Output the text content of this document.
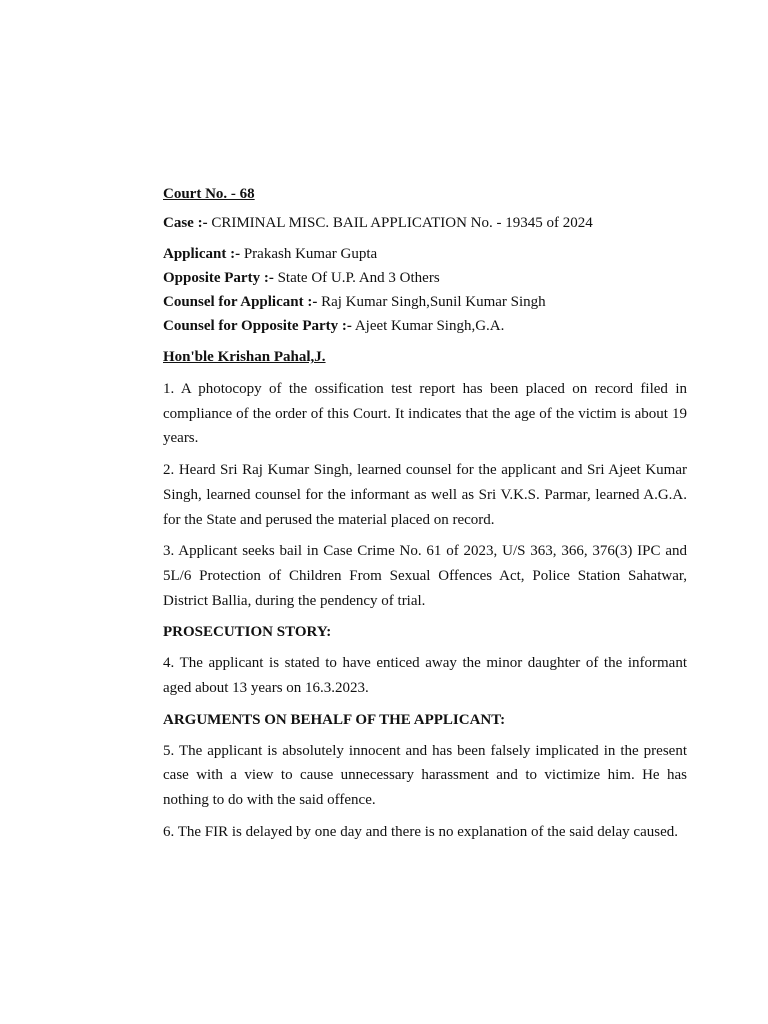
Court No. - 68

Case :- CRIMINAL MISC. BAIL APPLICATION No. - 19345 of 2024

Applicant :- Prakash Kumar Gupta

Opposite Party :- State Of U.P. And 3 Others

Counsel for Applicant :- Raj Kumar Singh,Sunil Kumar Singh

Counsel for Opposite Party :- Ajeet Kumar Singh,G.A.

Hon'ble Krishan Pahal,J.

1. A photocopy of the ossification test report has been placed on record filed in compliance of the order of this Court. It indicates that the age of the victim is about 19 years.

2. Heard Sri Raj Kumar Singh, learned counsel for the applicant and Sri Ajeet Kumar Singh, learned counsel for the informant as well as Sri V.K.S. Parmar, learned A.G.A. for the State and perused the material placed on record.

3. Applicant seeks bail in Case Crime No. 61 of 2023, U/S 363, 366, 376(3) IPC and 5L/6 Protection of Children From Sexual Offences Act, Police Station Sahatwar, District Ballia, during the pendency of trial.

PROSECUTION STORY:

4. The applicant is stated to have enticed away the minor daughter of the informant aged about 13 years on 16.3.2023.

ARGUMENTS ON BEHALF OF THE APPLICANT:

5. The applicant is absolutely innocent and has been falsely implicated in the present case with a view to cause unnecessary harassment and to victimize him. He has nothing to do with the said offence.

6. The FIR is delayed by one day and there is no explanation of the said delay caused.
